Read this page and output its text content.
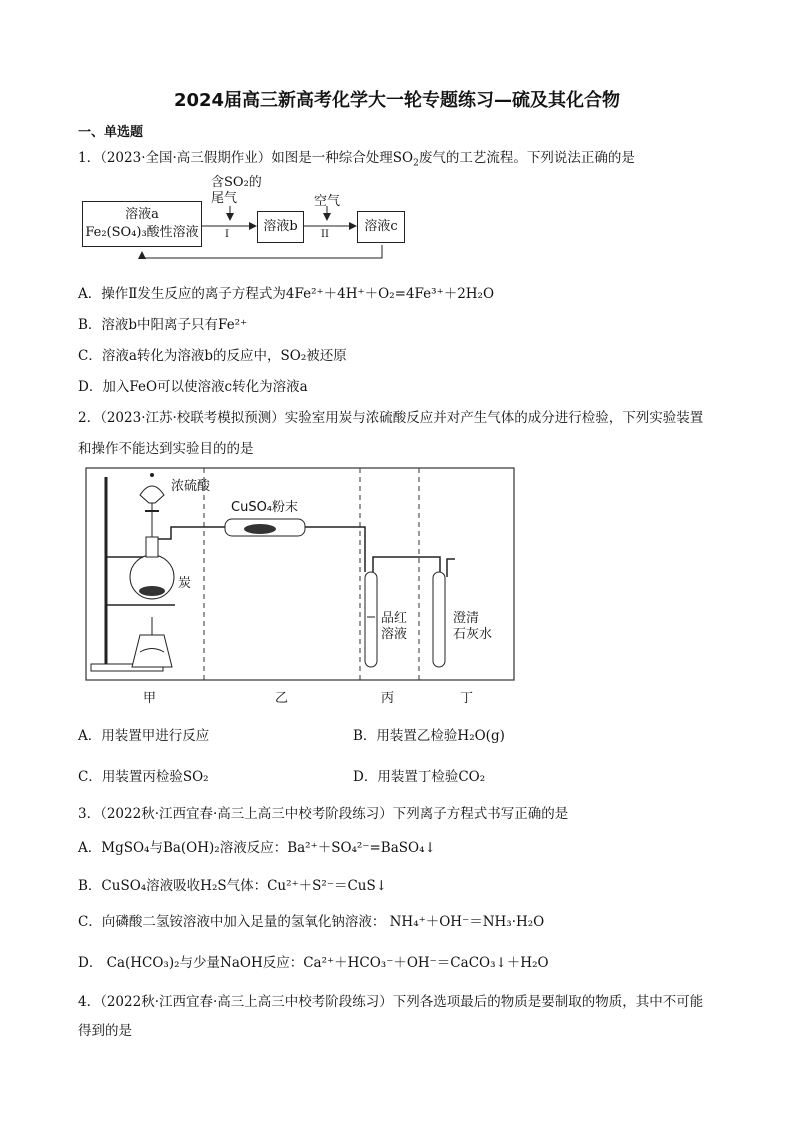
2024届高三新高考化学大一轮专题练习—硫及其化合物
一、单选题
1．（2023·全国·高三假期作业）如图是一种综合处理$SO_2$废气的工艺流程。下列说法正确的是
溶液a
Fe₂(SO₄)₃酸性溶液	溶液b	溶液c
含SO₂的
尾气
I
空气
II
A．操作Ⅱ发生反应的离子方程式为4Fe²⁺＋4H⁺＋O₂=4Fe³⁺＋2H₂O
B．溶液b中阳离子只有Fe²⁺
C．溶液a转化为溶液b的反应中，SO₂被还原
D．加入FeO可以使溶液c转化为溶液a
2．（2023·江苏·校联考模拟预测）实验室用炭与浓硫酸反应并对产生气体的成分进行检验，下列实验装置
和操作不能达到实验目的的是
浓硫酸
CuSO₄粉末
炭
品红
溶液
澄清
石灰水
甲	乙	丙	丁
A．用装置甲进行反应	B．用装置乙检验H₂O(g)
C．用装置丙检验SO₂	D．用装置丁检验CO₂
3．（2022秋·江西宜春·高三上高三中校考阶段练习）下列离子方程式书写正确的是
A．MgSO₄与Ba(OH)₂溶液反应：Ba²⁺＋SO₄²⁻=BaSO₄↓
B．CuSO₄溶液吸收H₂S气体：Cu²⁺＋S²⁻＝CuS↓
C．向磷酸二氢铵溶液中加入足量的氢氧化钠溶液： NH₄⁺＋OH⁻＝NH₃·H₂O
D． Ca(HCO₃)₂与少量NaOH反应：Ca²⁺＋HCO₃⁻＋OH⁻＝CaCO₃↓＋H₂O
4．（2022秋·江西宜春·高三上高三中校考阶段练习）下列各选项最后的物质是要制取的物质，其中不可能
得到的是
